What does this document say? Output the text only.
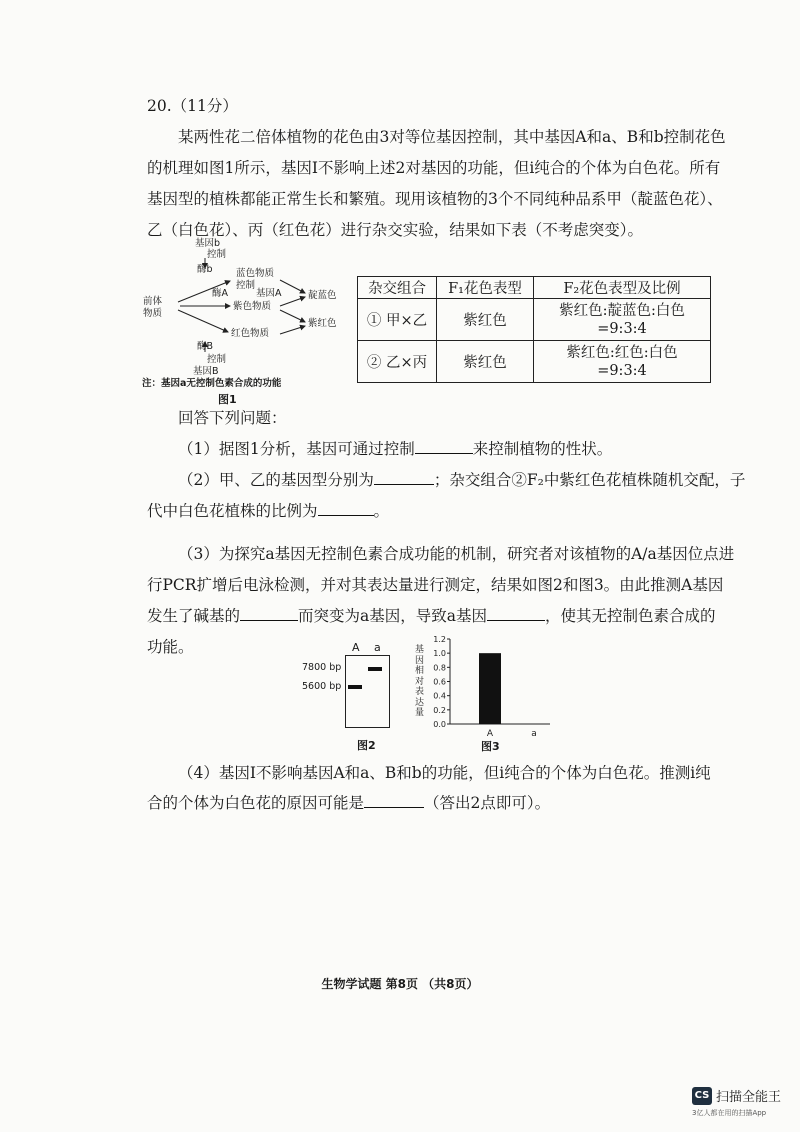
20.（11分）
某两性花二倍体植物的花色由3对等位基因控制，其中基因A和a、B和b控制花色
的机理如图1所示，基因I不影响上述2对基因的功能，但i纯合的个体为白色花。所有
基因型的植株都能正常生长和繁殖。现用该植物的3个不同纯种品系甲（靛蓝色花）、
乙（白色花）、丙（红色花）进行杂交实验，结果如下表（不考虑突变）。
基因b
控制
酶b 蓝色物质
控制
酶A	基因A	靛蓝色
前体
物质
紫色物质
紫红色
红色物质
酶B
控制
基因B
注：基因a无控制色素合成的功能
图1
杂交组合	F₁花色表型	F₂花色表型及比例
① 甲×乙	紫红色	紫红色:靛蓝色:白色
=9:3:4

② 乙×丙	紫红色	紫红色:红色:白色
=9:3:4
回答下列问题：
（1）据图1分析，基因可通过控制	来控制植物的性状。
（2）甲、乙的基因型分别为	；杂交组合②F₂中紫红色花植株随机交配，子
代中白色花植株的比例为	。
（3）为探究a基因无控制色素合成功能的机制，研究者对该植物的A/a基因位点进
行PCR扩增后电泳检测，并对其表达量进行测定，结果如图2和图3。由此推测A基因
发生了碱基的	而突变为a基因，导致a基因	，使其无控制色素合成的
功能。	A a
7800 bp
5600 bp
图2
基
因
相
对
表
达
量
0.0
0.2
0.4
0.6
0.8
1.0
1.2
A	a
图3
（4）基因I不影响基因A和a、B和b的功能，但i纯合的个体为白色花。推测i纯
合的个体为白色花的原因可能是	（答出2点即可）。
生物学试题 第8页 （共8页）
CS 扫描全能王
3亿人都在用的扫描App
